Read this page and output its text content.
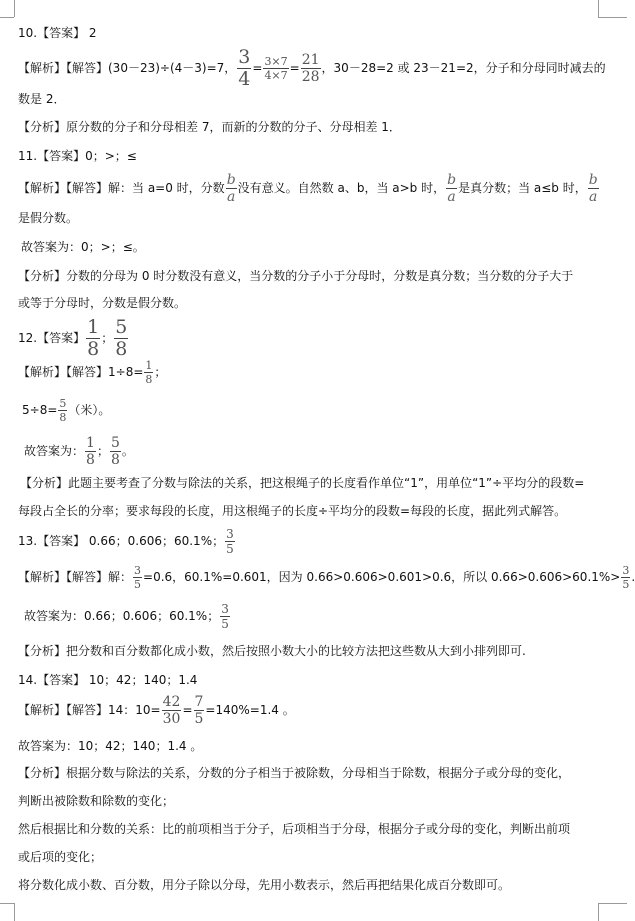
10.【答案】 2
【解析】【解答】(30－23)÷(4－3)=7， $\frac{3}{4} = \frac{3\times 7}{4\times 7} = \frac{21}{28}$ ，30－28=2 或 23－21=2，分子和分母同时减去的
数是 2．
【分析】原分数的分子和分母相差 7，而新的分数的分子、分母相差 1．
11.【答案】0；>；≤
【解析】【解答】解：当 a=0 时，分数 $\frac{b}{a}$ 没有意义。自然数 a、b，当 a>b 时， $\frac{b}{a}$ 是真分数；当 a≤b 时， $\frac{b}{a}$
是假分数。
故答案为：0；>；≤。
【分析】分数的分母为 0 时分数没有意义，当分数的分子小于分母时，分数是真分数；当分数的分子大于
或等于分母时，分数是假分数。
12.【答案】 $\frac{1}{8}$ ； $\frac{5}{8}$
【解析】【解答】$1\div 8= \frac{1}{8}$ ；
$5\div 8= \frac{5}{8}$ （米）。
故答案为： $\frac{1}{8}$ ； $\frac{5}{8}$ 。
【分析】此题主要考查了分数与除法的关系，把这根绳子的长度看作单位“1”，用单位“1”÷平均分的段数=
每段占全长的分率；要求每段的长度，用这根绳子的长度÷平均分的段数=每段的长度，据此列式解答。
13.【答案】 0.66；0.606；60.1%； $\frac{3}{5}$
【解析】【解答】解： $\frac{3}{5} =0.6$，60.1%=0.601，因为 0.66>0.606>0.601>0.6，所以 $0.66>0.606>60.1\%> \frac{3}{5}$ .
故答案为：0.66；0.606；60.1%； $\frac{3}{5}$
【分析】把分数和百分数都化成小数，然后按照小数大小的比较方法把这些数从大到小排列即可.
14.【答案】 10；42；140；1.4
【解析】【解答】14：$10= \frac{42}{30} = \frac{7}{5} =140\%=1.4$ 。
故答案为：10；42；140；1.4 。
【分析】根据分数与除法的关系，分数的分子相当于被除数，分母相当于除数，根据分子或分母的变化，
判断出被除数和除数的变化；
然后根据比和分数的关系：比的前项相当于分子，后项相当于分母，根据分子或分母的变化，判断出前项
或后项的变化；
将分数化成小数、百分数，用分子除以分母，先用小数表示，然后再把结果化成百分数即可。
